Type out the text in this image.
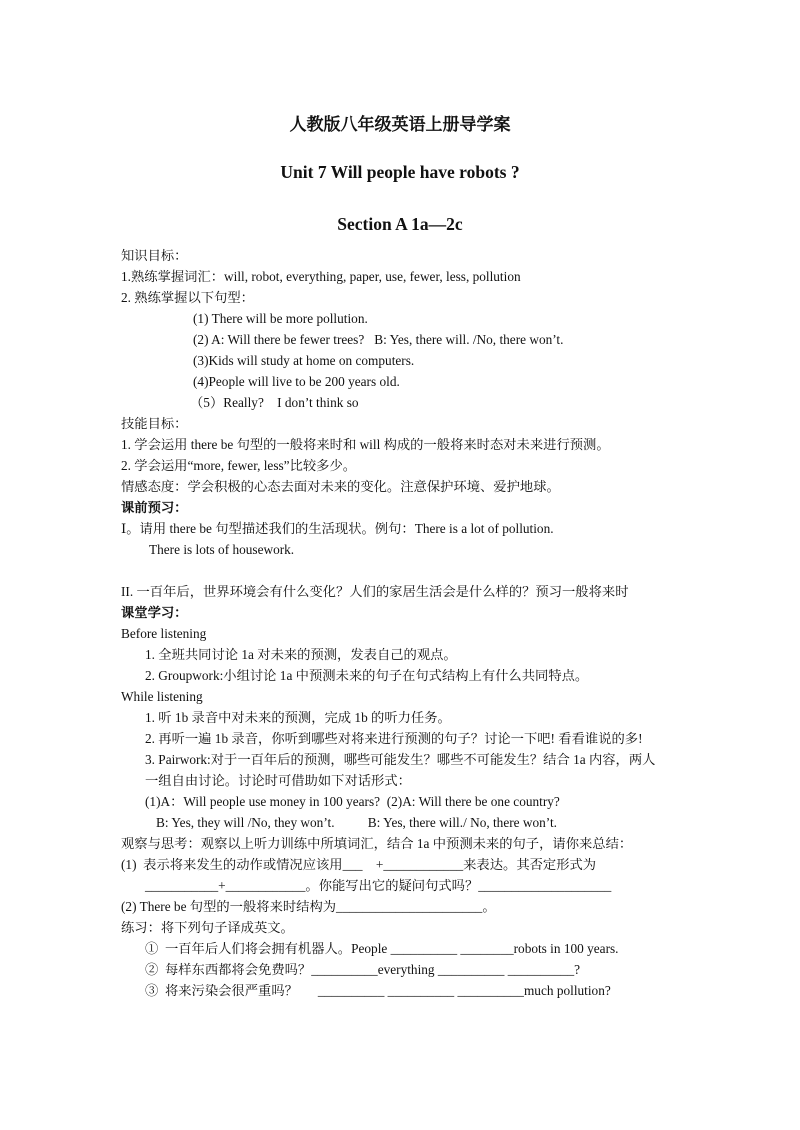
人教版八年级英语上册导学案
Unit 7 Will people have robots ?
Section A 1a—2c
知识目标：
1.熟练掌握词汇：will, robot, everything, paper, use, fewer, less, pollution
2. 熟练掌握以下句型：
(1) There will be more pollution.
(2) A: Will there be fewer trees?   B: Yes, there will. /No, there won’t.
(3)Kids will study at home on computers.
(4)People will live to be 200 years old.
（5）Really?    I don’t think so
技能目标：
1. 学会运用 there be 句型的一般将来时和 will 构成的一般将来时态对未来进行预测。
2. 学会运用“more, fewer, less”比较多少。
情感态度：学会积极的心态去面对未来的变化。注意保护环境、爱护地球。
课前预习：
Ⅰ。请用 there be 句型描述我们的生活现状。例句：There is a lot of pollution.
There is lots of housework.
II. 一百年后，世界环境会有什么变化？人们的家居生活会是什么样的？预习一般将来时
课堂学习：
Before listening
1. 全班共同讨论 1a 对未来的预测，发表自己的观点。
2. Groupwork:小组讨论 1a 中预测未来的句子在句式结构上有什么共同特点。
While listening
1. 听 1b 录音中对未来的预测，完成 1b 的听力任务。
2. 再听一遍 1b 录音，你听到哪些对将来进行预测的句子？讨论一下吧! 看看谁说的多!
3. Pairwork:对于一百年后的预测，哪些可能发生？哪些不可能发生？结合 1a 内容，两人
一组自由讨论。讨论时可借助如下对话形式：
(1)A：Will people use money in 100 years?  (2)A: Will there be one country?
B: Yes, they will /No, they won’t.          B: Yes, there will./ No, there won’t.
观察与思考：观察以上听力训练中所填词汇，结合 1a 中预测未来的句子，请你来总结：
(1)  表示将来发生的动作或情况应该用___    +____________来表达。其否定形式为
___________+____________。你能写出它的疑问句式吗？____________________
(2) There be 句型的一般将来时结构为______________________。
练习：将下列句子译成英文。
①  一百年后人们将会拥有机器人。People __________ ________robots in 100 years.
②  每样东西都将会免费吗？__________everything __________ __________?
③  将来污染会很严重吗？      __________ __________ __________much pollution?
